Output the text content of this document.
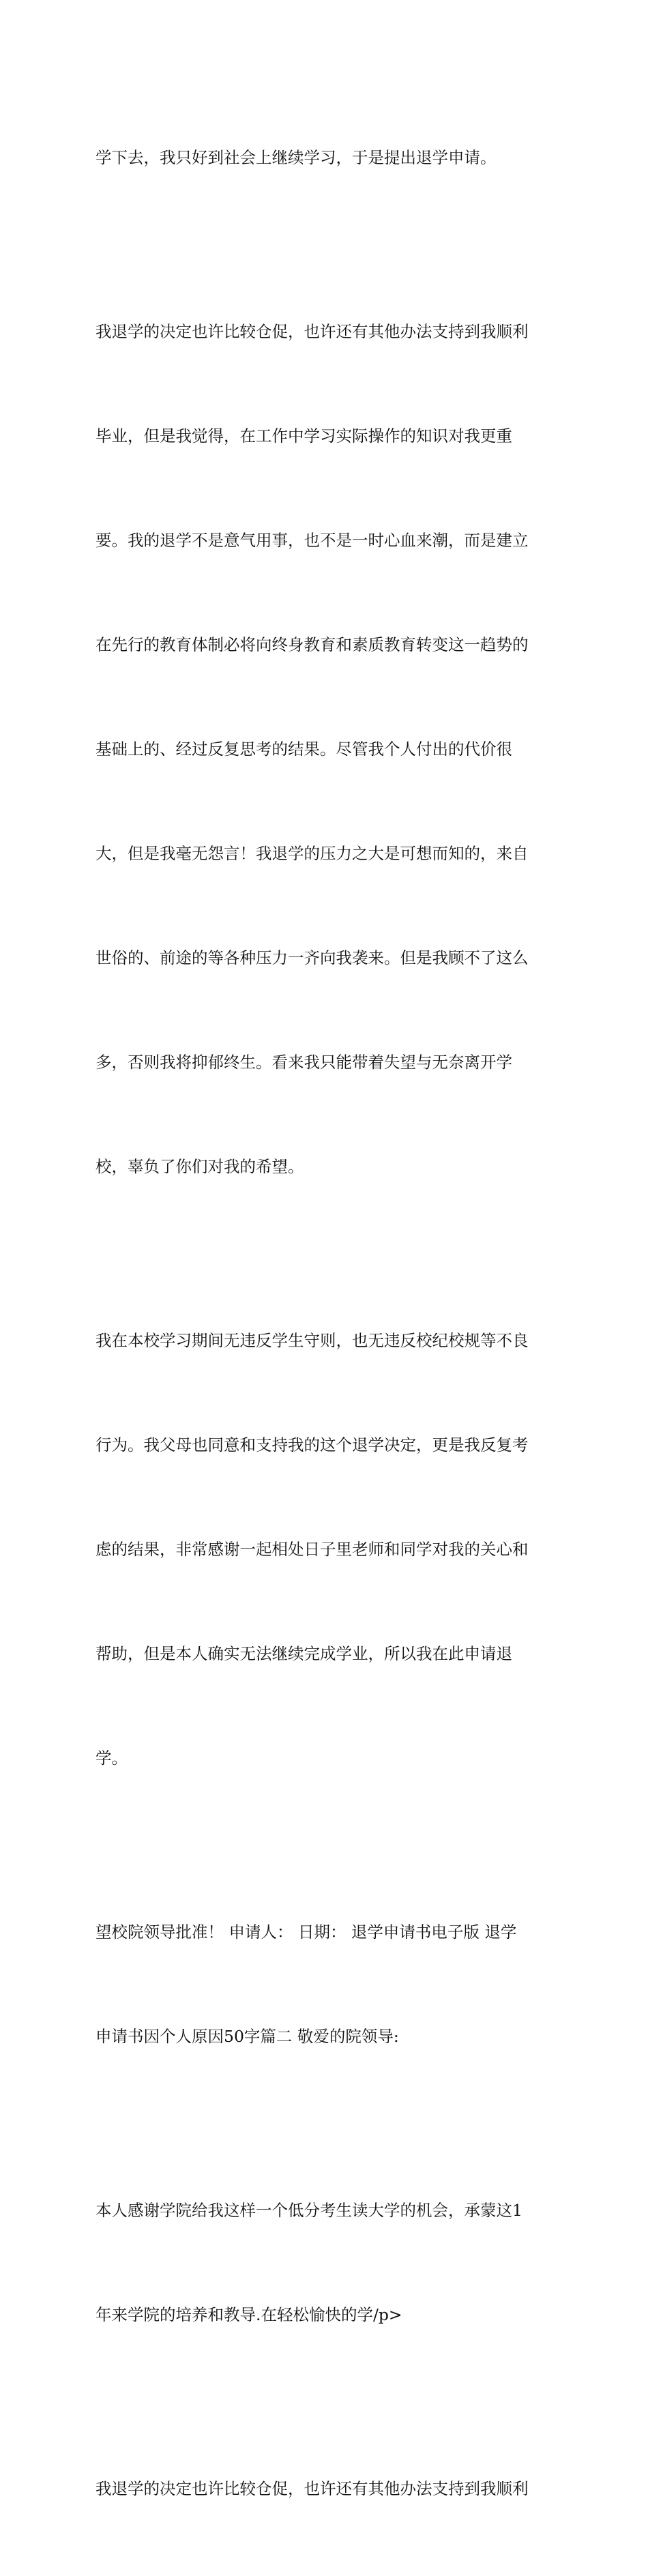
学下去，我只好到社会上继续学习，于是提出退学申请。

我退学的决定也许比较仓促，也许还有其他办法支持到我顺利

毕业，但是我觉得，在工作中学习实际操作的知识对我更重

要。我的退学不是意气用事，也不是一时心血来潮，而是建立

在先行的教育体制必将向终身教育和素质教育转变这一趋势的

基础上的、经过反复思考的结果。尽管我个人付出的代价很

大，但是我毫无怨言！我退学的压力之大是可想而知的，来自

世俗的、前途的等各种压力一齐向我袭来。但是我顾不了这么

多，否则我将抑郁终生。看来我只能带着失望与无奈离开学

校，辜负了你们对我的希望。

我在本校学习期间无违反学生守则，也无违反校纪校规等不良

行为。我父母也同意和支持我的这个退学决定，更是我反复考

虑的结果，非常感谢一起相处日子里老师和同学对我的关心和

帮助，但是本人确实无法继续完成学业，所以我在此申请退

学。

望校院领导批准！ 申请人： 日期： 退学申请书电子版 退学

申请书因个人原因50字篇二 敬爱的院领导:

本人感谢学院给我这样一个低分考生读大学的机会，承蒙这1

年来学院的培养和教导.在轻松愉快的学/p>

我退学的决定也许比较仓促，也许还有其他办法支持到我顺利
